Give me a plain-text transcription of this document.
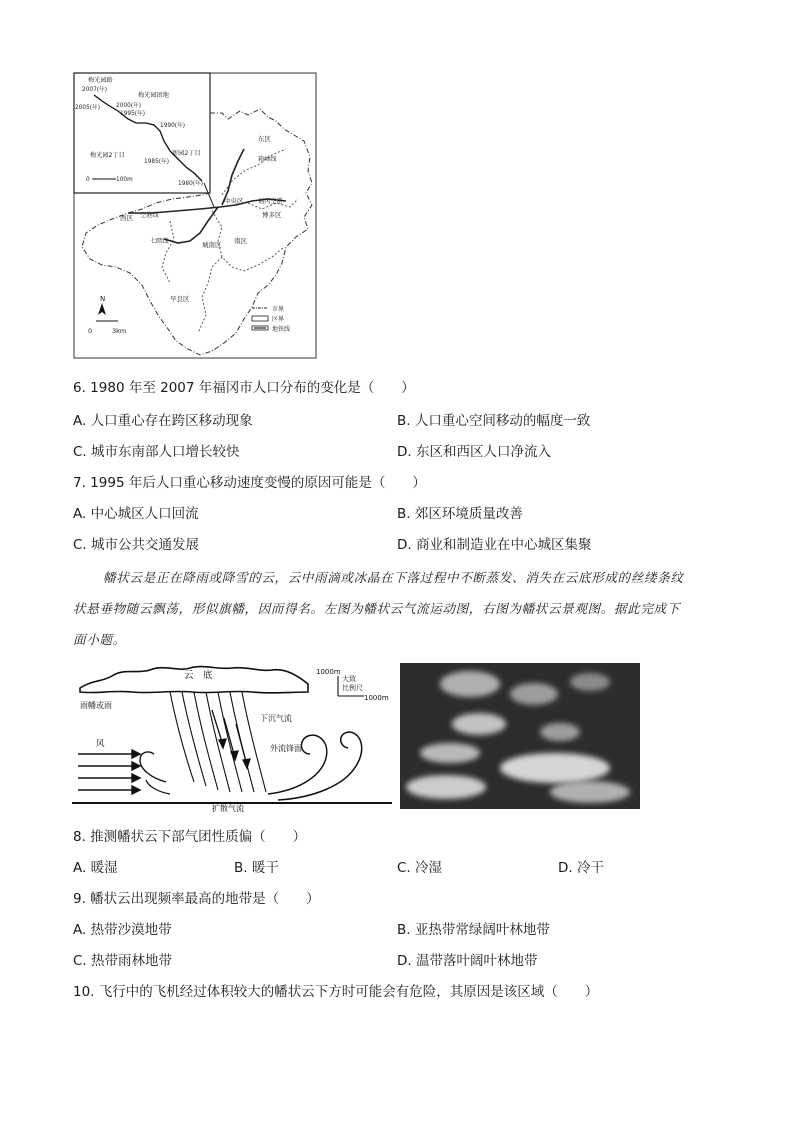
梅光园路
2007(年)
2005(年)	2000(年)
1995(年)
1990(年)
1985(年)
1980(年)
梅光园团地
梅光园2丁目	新园2丁目
0	100m
东区
箱崎线
中央区 福冈空港
博多区
西区 空港线
七隈线	城南区 南区
早良区
N
0	3km
市界
区界
地铁线
6. 1980 年至 2007 年福冈市人口分布的变化是（　　）
A. 人口重心存在跨区移动现象	B. 人口重心空间移动的幅度一致
C. 城市东南部人口增长较快	D. 东区和西区人口净流入
7. 1995 年后人口重心移动速度变慢的原因可能是（　　）
A. 中心城区人口回流	B. 郊区环境质量改善
C. 城市公共交通发展	D. 商业和制造业在中心城区集聚

幡状云是正在降雨或降雪的云，云中雨滴或冰晶在下落过程中不断蒸发、消失在云底形成的丝缕条纹

状悬垂物随云飘荡，形似旗幡，因而得名。左图为幡状云气流运动图，右图为幡状云景观图。据此完成下

面小题。

云　底
雨幡或雨
下沉气流
外流锋面
风
扩散气流
1000m
大致
比例尺
1000m
8. 推测幡状云下部气团性质偏（　　）
A. 暖湿	B. 暖干	C. 冷湿	D. 冷干
9. 幡状云出现频率最高的地带是（　　）
A. 热带沙漠地带	B. 亚热带常绿阔叶林地带
C. 热带雨林地带	D. 温带落叶阔叶林地带
10. 飞行中的飞机经过体积较大的幡状云下方时可能会有危险，其原因是该区域（　　）
